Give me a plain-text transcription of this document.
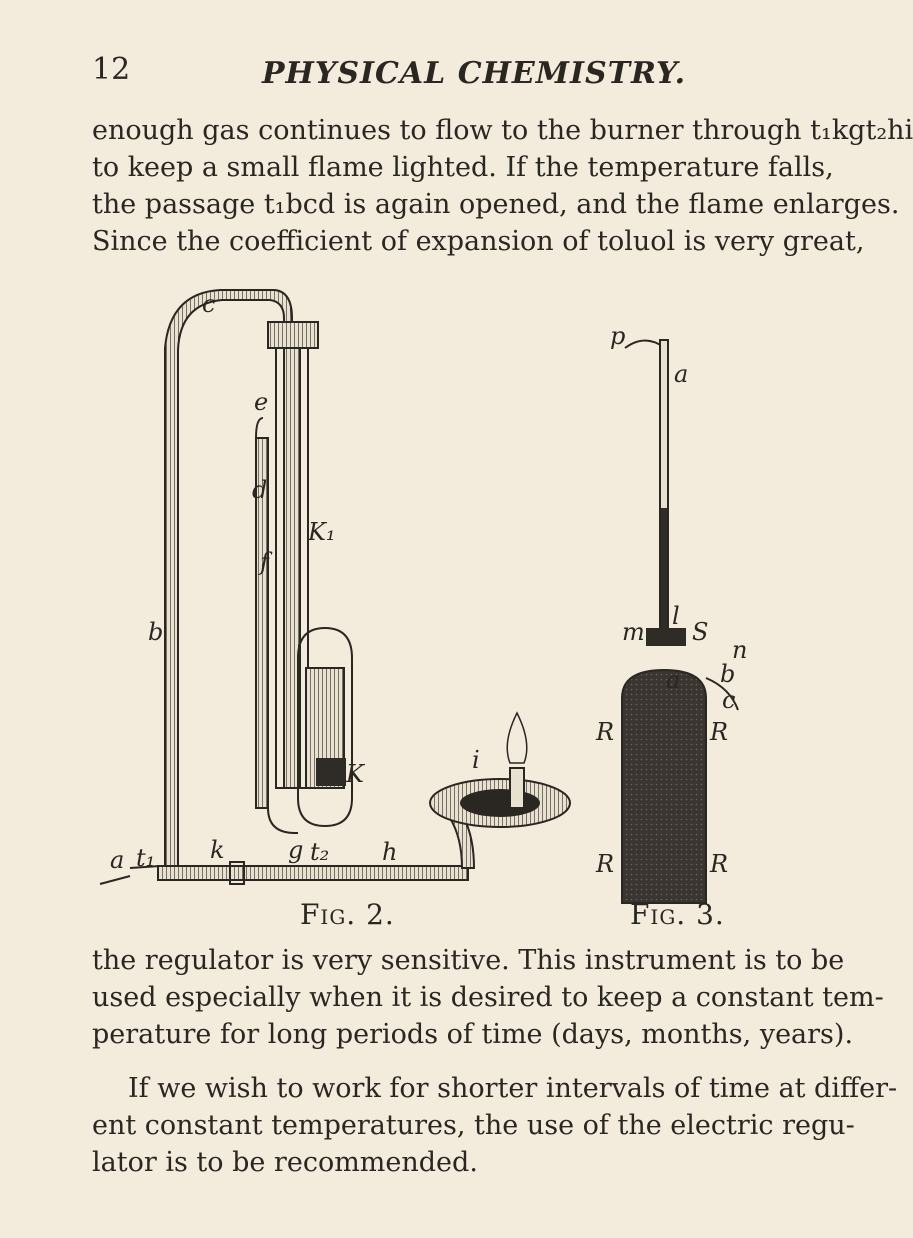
12	PHYSICAL CHEMISTRY.
enough gas continues to flow to the burner through t₁kgt₂hi
to keep a small flame lighted. If the temperature falls,
the passage t₁bcd is again opened, and the flame enlarges.
Since the coefficient of expansion of toluol is very great,
c
e
b
f
d
K₁
K
a t₁ k	g t₂ h
i
p
a
l
m S
a b
c
R	R
R	R
n
Fig. 2.	Fig. 3.
the regulator is very sensitive. This instrument is to be
used especially when it is desired to keep a constant tem-
perature for long periods of time (days, months, years).
If we wish to work for shorter intervals of time at differ-
ent constant temperatures, the use of the electric regu-
lator is to be recommended.
